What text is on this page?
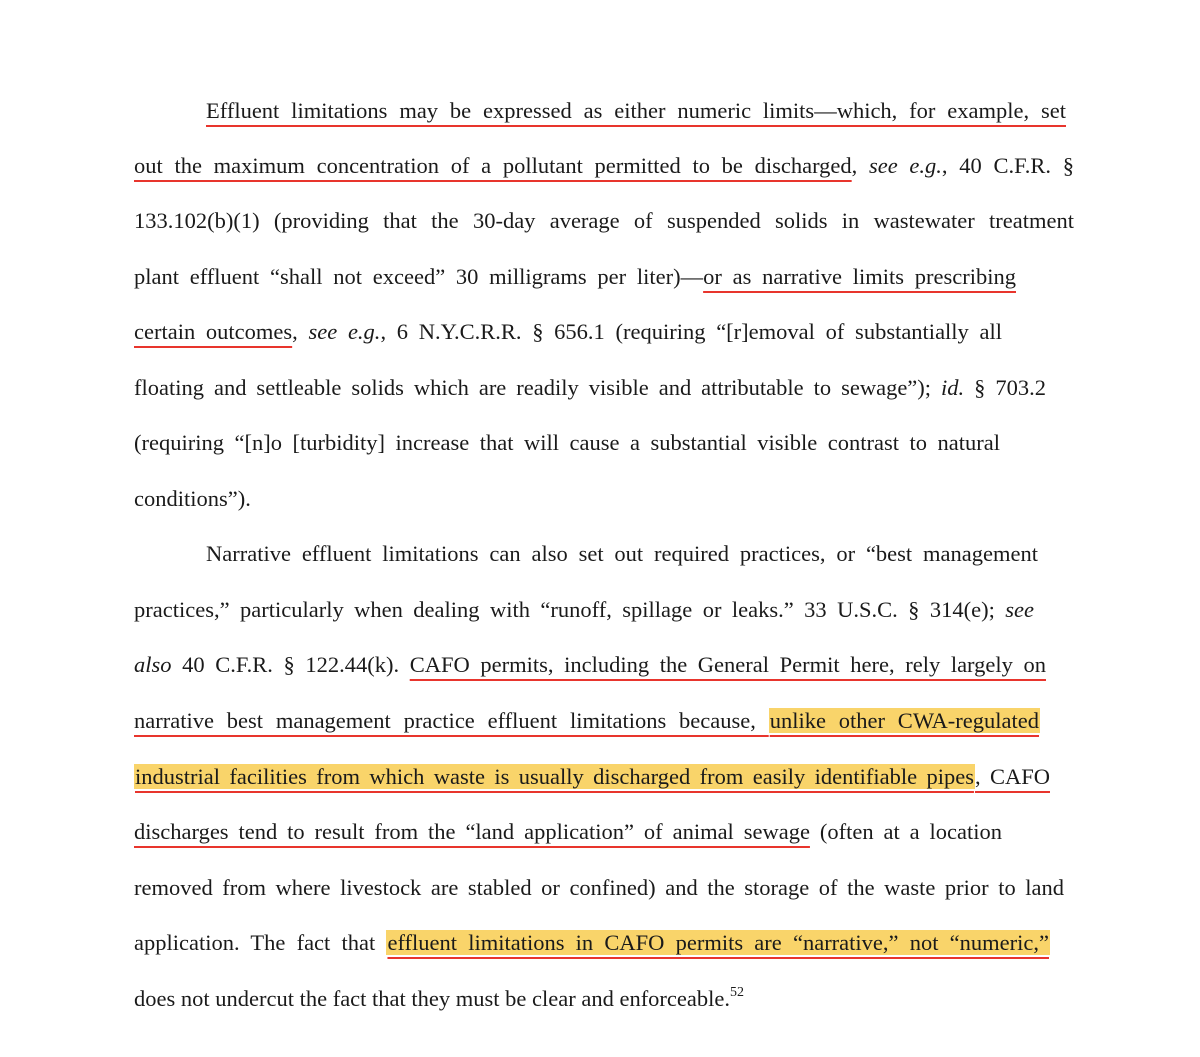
Effluent limitations may be expressed as either numeric limits—which, for example, set
out the maximum concentration of a pollutant permitted to be discharged, see e.g., 40 C.F.R. §
133.102(b)(1) (providing that the 30-day average of suspended solids in wastewater treatment
plant effluent “shall not exceed” 30 milligrams per liter)—or as narrative limits prescribing
certain outcomes, see e.g., 6 N.Y.C.R.R. § 656.1 (requiring “[r]emoval of substantially all
floating and settleable solids which are readily visible and attributable to sewage”); id. § 703.2
(requiring “[n]o [turbidity] increase that will cause a substantial visible contrast to natural
conditions”).
Narrative effluent limitations can also set out required practices, or “best management
practices,” particularly when dealing with “runoff, spillage or leaks.” 33 U.S.C. § 314(e); see
also 40 C.F.R. § 122.44(k). CAFO permits, including the General Permit here, rely largely on
narrative best management practice effluent limitations because, unlike other CWA-regulated
industrial facilities from which waste is usually discharged from easily identifiable pipes, CAFO
discharges tend to result from the “land application” of animal sewage (often at a location
removed from where livestock are stabled or confined) and the storage of the waste prior to land
application. The fact that effluent limitations in CAFO permits are “narrative,” not “numeric,”
does not undercut the fact that they must be clear and enforceable.$^{52}$
